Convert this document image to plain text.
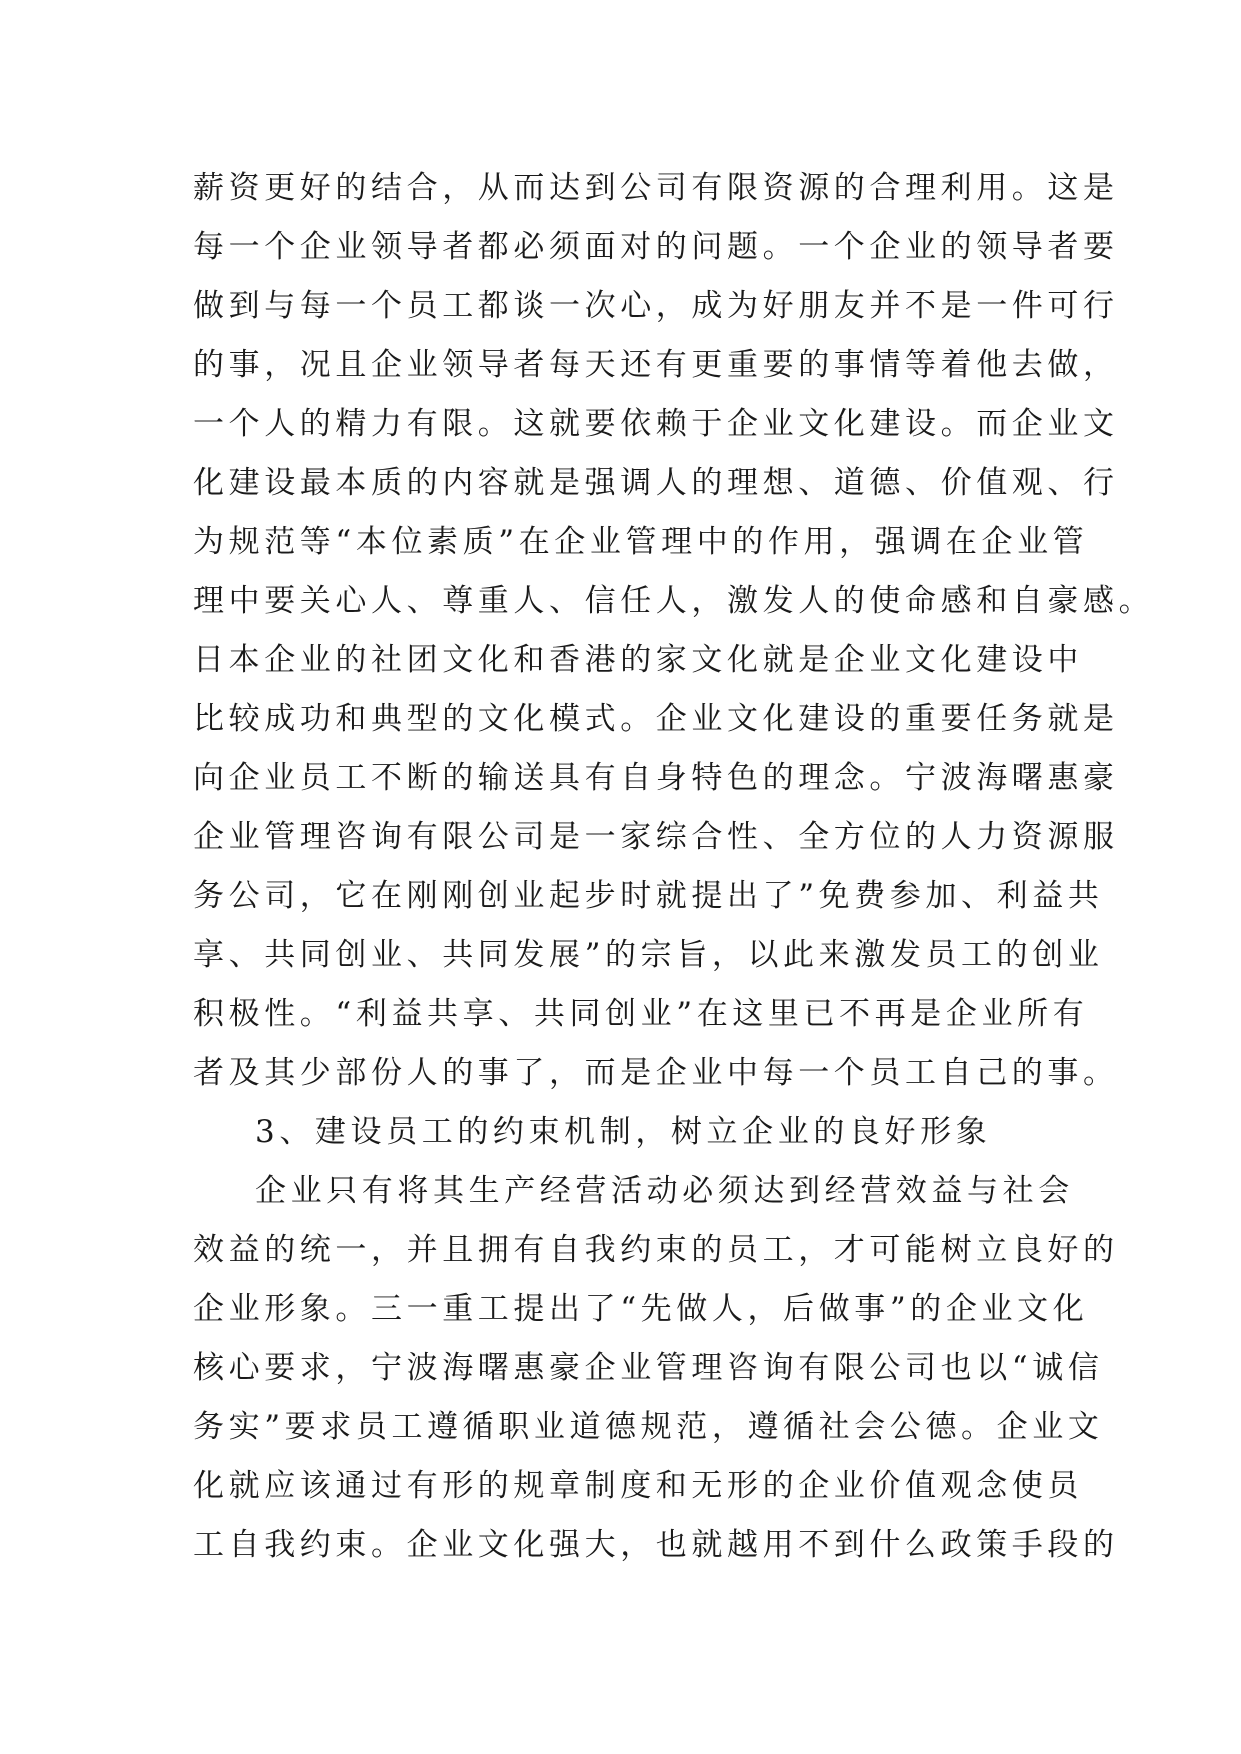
薪资更好的结合，从而达到公司有限资源的合理利用。这是
每一个企业领导者都必须面对的问题。一个企业的领导者要
做到与每一个员工都谈一次心，成为好朋友并不是一件可行
的事，况且企业领导者每天还有更重要的事情等着他去做，
一个人的精力有限。这就要依赖于企业文化建设。而企业文
化建设最本质的内容就是强调人的理想、道德、价值观、行
为规范等“本位素质”在企业管理中的作用，强调在企业管
理中要关心人、尊重人、信任人，激发人的使命感和自豪感。
日本企业的社团文化和香港的家文化就是企业文化建设中
比较成功和典型的文化模式。企业文化建设的重要任务就是
向企业员工不断的输送具有自身特色的理念。宁波海曙惠豪
企业管理咨询有限公司是一家综合性、全方位的人力资源服
务公司，它在刚刚创业起步时就提出了”免费参加、利益共
享、共同创业、共同发展”的宗旨，以此来激发员工的创业
积极性。“利益共享、共同创业”在这里已不再是企业所有
者及其少部份人的事了，而是企业中每一个员工自己的事。
3、建设员工的约束机制，树立企业的良好形象
企业只有将其生产经营活动必须达到经营效益与社会
效益的统一，并且拥有自我约束的员工，才可能树立良好的
企业形象。三一重工提出了“先做人，后做事”的企业文化
核心要求，宁波海曙惠豪企业管理咨询有限公司也以“诚信
务实”要求员工遵循职业道德规范，遵循社会公德。企业文
化就应该通过有形的规章制度和无形的企业价值观念使员
工自我约束。企业文化强大，也就越用不到什么政策手段的
